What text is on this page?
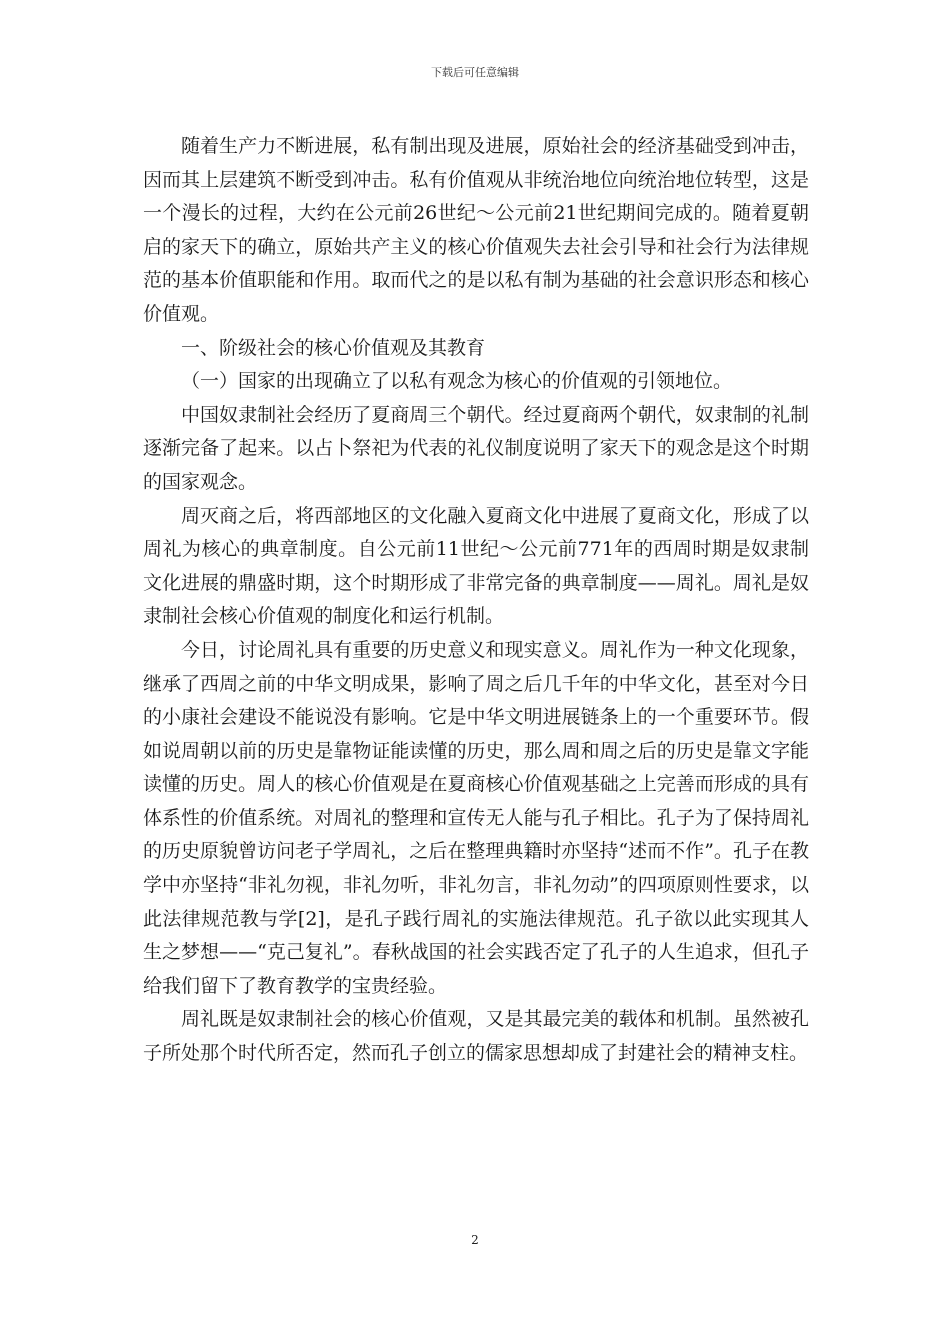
下载后可任意编辑

随着生产力不断进展，私有制出现及进展，原始社会的经济基础受到冲击，因而其上层建筑不断受到冲击。私有价值观从非统治地位向统治地位转型，这是一个漫长的过程，大约在公元前26世纪～公元前21世纪期间完成的。随着夏朝启的家天下的确立，原始共产主义的核心价值观失去社会引导和社会行为法律规范的基本价值职能和作用。取而代之的是以私有制为基础的社会意识形态和核心价值观。

一、阶级社会的核心价值观及其教育

（一）国家的出现确立了以私有观念为核心的价值观的引领地位。

中国奴隶制社会经历了夏商周三个朝代。经过夏商两个朝代，奴隶制的礼制逐渐完备了起来。以占卜祭祀为代表的礼仪制度说明了家天下的观念是这个时期的国家观念。

周灭商之后，将西部地区的文化融入夏商文化中进展了夏商文化，形成了以周礼为核心的典章制度。自公元前11世纪～公元前771年的西周时期是奴隶制文化进展的鼎盛时期，这个时期形成了非常完备的典章制度——周礼。周礼是奴隶制社会核心价值观的制度化和运行机制。

今日，讨论周礼具有重要的历史意义和现实意义。周礼作为一种文化现象，继承了西周之前的中华文明成果，影响了周之后几千年的中华文化，甚至对今日的小康社会建设不能说没有影响。它是中华文明进展链条上的一个重要环节。假如说周朝以前的历史是靠物证能读懂的历史，那么周和周之后的历史是靠文字能读懂的历史。周人的核心价值观是在夏商核心价值观基础之上完善而形成的具有体系性的价值系统。对周礼的整理和宣传无人能与孔子相比。孔子为了保持周礼的历史原貌曾访问老子学周礼，之后在整理典籍时亦坚持“述而不作”。孔子在教学中亦坚持“非礼勿视，非礼勿听，非礼勿言，非礼勿动”的四项原则性要求，以此法律规范教与学[2]，是孔子践行周礼的实施法律规范。孔子欲以此实现其人生之梦想——“克己复礼”。春秋战国的社会实践否定了孔子的人生追求，但孔子给我们留下了教育教学的宝贵经验。

周礼既是奴隶制社会的核心价值观，又是其最完美的载体和机制。虽然被孔子所处那个时代所否定，然而孔子创立的儒家思想却成了封建社会的精神支柱。

2
